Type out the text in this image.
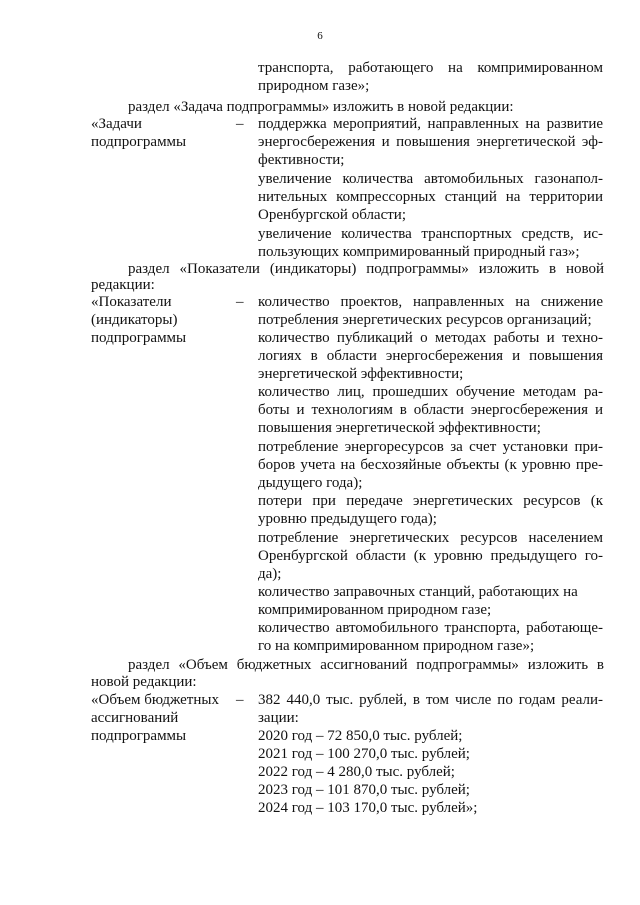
6
транспорта, работающего на компримированном
природном газе»;
раздел «Задача подпрограммы» изложить в новой редакции:
«Задачи
подпрограммы
– поддержка мероприятий, направленных на развитие
энергосбережения и повышения энергетической эф-
фективности;
увеличение количества автомобильных газонапол-
нительных компрессорных станций на территории
Оренбургской области;
увеличение количества транспортных средств, ис-
пользующих компримированный природный газ»;
раздел «Показатели (индикаторы) подпрограммы» изложить в новой
редакции:
«Показатели
(индикаторы)
подпрограммы
– количество проектов, направленных на снижение
потребления энергетических ресурсов организаций;
количество публикаций о методах работы и техно-
логиях в области энергосбережения и повышения
энергетической эффективности;
количество лиц, прошедших обучение методам ра-
боты и технологиям в области энергосбережения и
повышения энергетической эффективности;
потребление энергоресурсов за счет установки при-
боров учета на бесхозяйные объекты (к уровню пре-
дыдущего года);
потери при передаче энергетических ресурсов (к
уровню предыдущего года);
потребление энергетических ресурсов населением
Оренбургской области (к уровню предыдущего го-
да);
количество заправочных станций, работающих на
компримированном природном газе;
количество автомобильного транспорта, работающе-
го на компримированном природном газе»;
раздел «Объем бюджетных ассигнований подпрограммы» изложить в
новой редакции:
«Объем бюджетных
ассигнований
подпрограммы
– 382 440,0 тыс. рублей, в том числе по годам реали-
зации:
2020 год – 72 850,0 тыс. рублей;
2021 год – 100 270,0 тыс. рублей;
2022 год – 4 280,0 тыс. рублей;
2023 год – 101 870,0 тыс. рублей;
2024 год – 103 170,0 тыс. рублей»;
